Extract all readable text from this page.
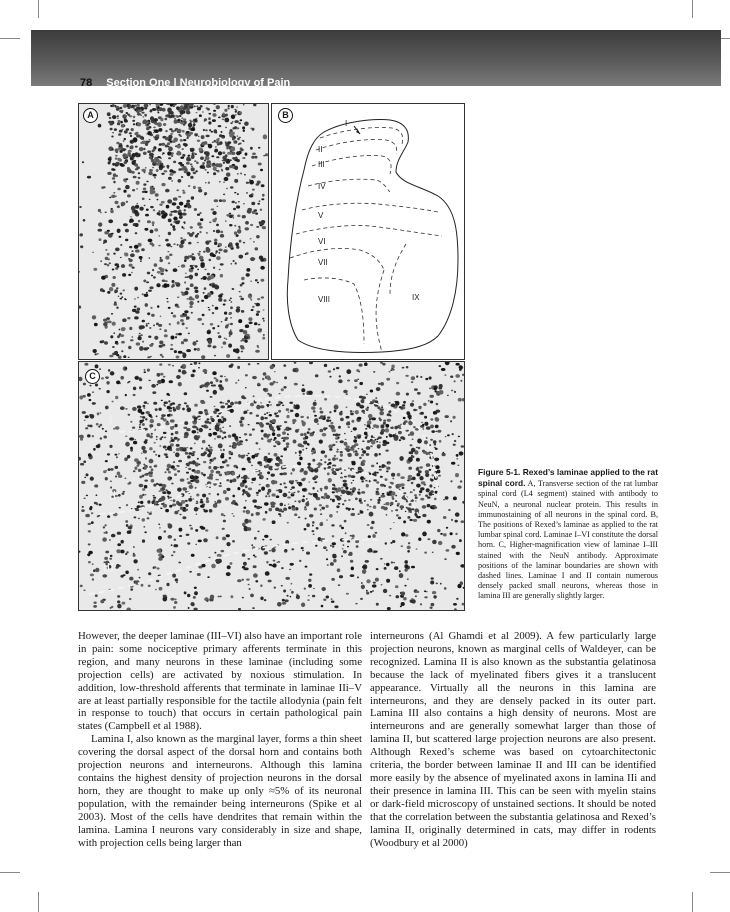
78 Section One | Neurobiology of Pain
A
I
II
III
IV
V
VI
VII
VIII	IX
B
I
II
III
C
Figure 5-1. Rexed’s laminae applied to the rat spinal cord. A, Transverse section of the rat lumbar spinal cord (L4 segment) stained with antibody to NeuN, a neuronal nuclear protein. This results in immunostaining of all neurons in the spinal cord. B, The positions of Rexed’s laminae as applied to the rat lumbar spinal cord. Laminae I–VI constitute the dorsal horn. C, Higher-magnification view of laminae I–III stained with the NeuN antibody. Approximate positions of the laminar boundaries are shown with dashed lines. Laminae I and II contain numerous densely packed small neurons, whereas those in lamina III are generally slightly larger.

However, the deeper laminae (III–VI) also have an important role in pain: some nociceptive primary afferents terminate in this region, and many neurons in these laminae (including some projection cells) are activated by noxious stimulation. In addition, low-threshold afferents that terminate in laminae IIi–V are at least partially responsible for the tactile allodynia (pain felt in response to touch) that occurs in certain pathological pain states (Campbell et al 1988).

Lamina I, also known as the marginal layer, forms a thin sheet covering the dorsal aspect of the dorsal horn and contains both projection neurons and interneurons. Although this lamina contains the highest density of projection neurons in the dorsal horn, they are thought to make up only ≈5% of its neuronal population, with the remainder being interneurons (Spike et al 2003). Most of the cells have dendrites that remain within the lamina. Lamina I neurons vary considerably in size and shape, with projection cells being larger than

interneurons (Al Ghamdi et al 2009). A few particularly large projection neurons, known as marginal cells of Waldeyer, can be recognized. Lamina II is also known as the substantia gelatinosa because the lack of myelinated fibers gives it a translucent appearance. Virtually all the neurons in this lamina are interneurons, and they are densely packed in its outer part. Lamina III also contains a high density of neurons. Most are interneurons and are generally somewhat larger than those of lamina II, but scattered large projection neurons are also present. Although Rexed’s scheme was based on cytoarchitectonic criteria, the border between laminae II and III can be identified more easily by the absence of myelinated axons in lamina IIi and their presence in lamina III. This can be seen with myelin stains or dark-field microscopy of unstained sections. It should be noted that the correlation between the substantia gelatinosa and Rexed’s lamina II, originally determined in cats, may differ in rodents (Woodbury et al 2000)
